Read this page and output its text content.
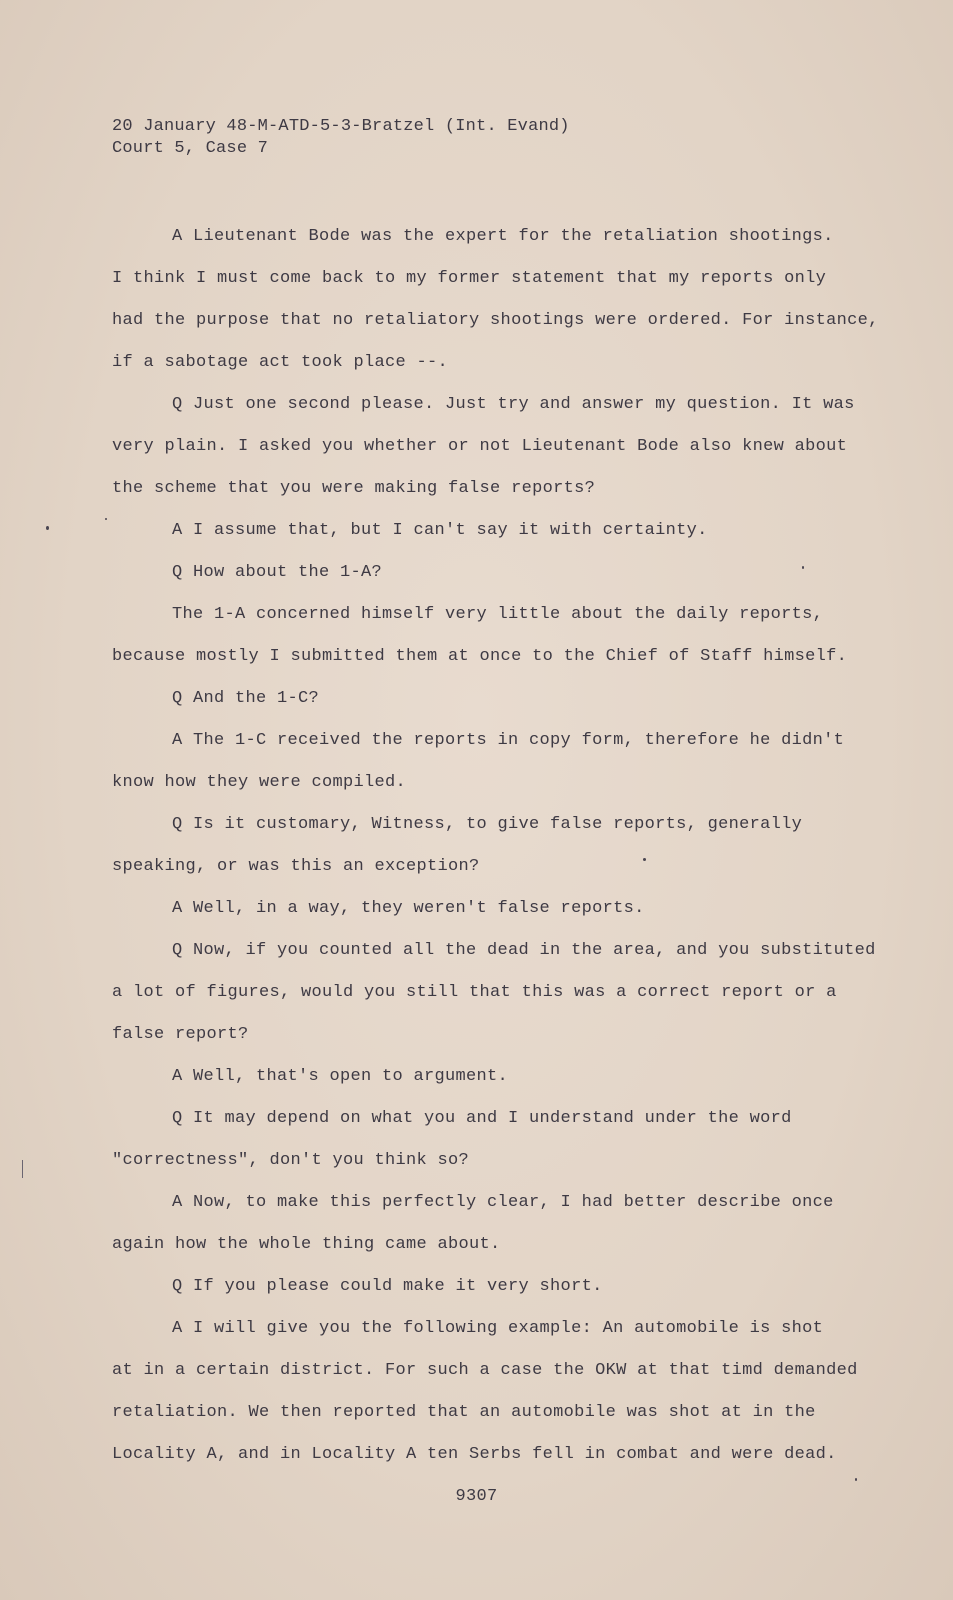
20 January 48-M-ATD-5-3-Bratzel (Int. Evand)
Court 5, Case 7
A Lieutenant Bode was the expert for the retaliation shootings.
I think I must come back to my former statement that my reports only
had the purpose that no retaliatory shootings were ordered. For instance,
if a sabotage act took place --.
Q Just one second please. Just try and answer my question. It was
very plain. I asked you whether or not Lieutenant Bode also knew about
the scheme that you were making false reports?
A I assume that, but I can't say it with certainty.
Q How about the 1-A?
The 1-A concerned himself very little about the daily reports,
because mostly I submitted them at once to the Chief of Staff himself.
Q And the 1-C?
A The 1-C received the reports in copy form, therefore he didn't
know how they were compiled.
Q Is it customary, Witness, to give false reports, generally
speaking, or was this an exception?
A Well, in a way, they weren't false reports.
Q Now, if you counted all the dead in the area, and you substituted
a lot of figures, would you still that this was a correct report or a
false report?
A Well, that's open to argument.
Q It may depend on what you and I understand under the word
"correctness", don't you think so?
A Now, to make this perfectly clear, I had better describe once
again how the whole thing came about.
Q If you please could make it very short.
A I will give you the following example: An automobile is shot
at in a certain district. For such a case the OKW at that timd demanded
retaliation. We then reported that an automobile was shot at in the
Locality A, and in Locality A ten Serbs fell in combat and were dead.
9307
